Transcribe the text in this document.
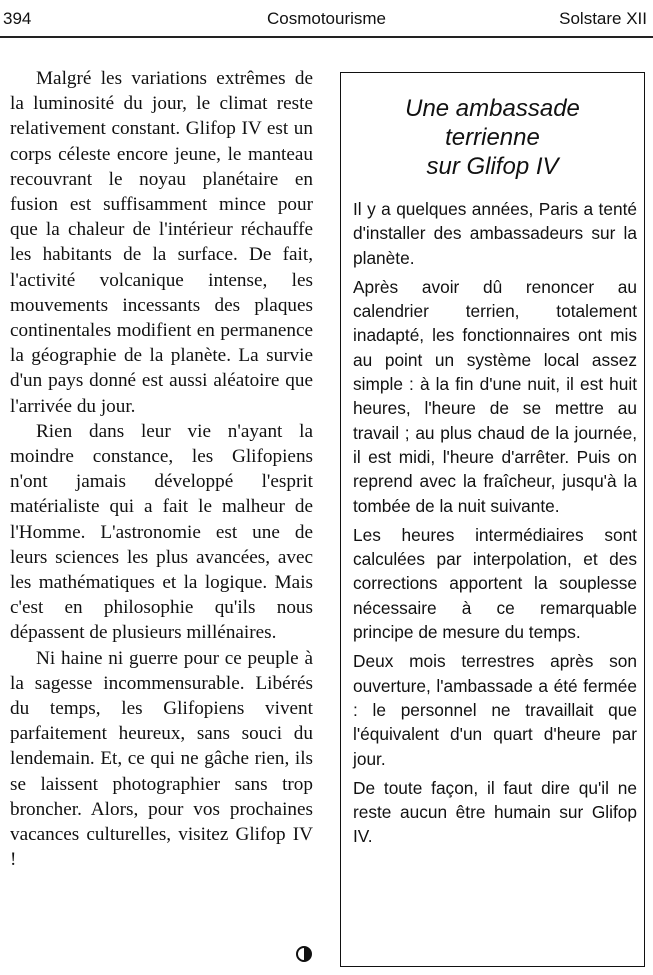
394	Cosmotourisme	Solstare XII

Malgré les variations extrêmes de la luminosité du jour, le climat reste relativement constant. Glifop IV est un corps céleste encore jeune, le manteau recouvrant le noyau planétaire en fusion est suffisamment mince pour que la chaleur de l'intérieur réchauffe les habitants de la surface. De fait, l'activité volcanique intense, les mouvements incessants des plaques continentales modifient en permanence la géographie de la planète. La survie d'un pays donné est aussi aléatoire que l'arrivée du jour.

Rien dans leur vie n'ayant la moindre constance, les Glifopiens n'ont jamais développé l'esprit matérialiste qui a fait le malheur de l'Homme. L'astronomie est une de leurs sciences les plus avancées, avec les mathématiques et la logique. Mais c'est en philosophie qu'ils nous dépassent de plusieurs millénaires.

Ni haine ni guerre pour ce peuple à la sagesse incommensurable. Libérés du temps, les Glifopiens vivent parfaitement heureux, sans souci du lendemain. Et, ce qui ne gâche rien, ils se laissent photographier sans trop broncher. Alors, pour vos prochaines vacances culturelles, visitez Glifop IV !

Une ambassade
terrienne
sur Glifop IV

Il y a quelques années, Paris a tenté d'installer des ambassadeurs sur la planète.

Après avoir dû renoncer au calendrier terrien, totalement inadapté, les fonctionnaires ont mis au point un système local assez simple : à la fin d'une nuit, il est huit heures, l'heure de se mettre au travail ; au plus chaud de la journée, il est midi, l'heure d'arrêter. Puis on reprend avec la fraîcheur, jusqu'à la tombée de la nuit suivante.

Les heures intermédiaires sont calculées par interpolation, et des corrections apportent la souplesse nécessaire à ce remarquable principe de mesure du temps.

Deux mois terrestres après son ouverture, l'ambassade a été fermée : le personnel ne travaillait que l'équivalent d'un quart d'heure par jour.

De toute façon, il faut dire qu'il ne reste aucun être humain sur Glifop IV.
